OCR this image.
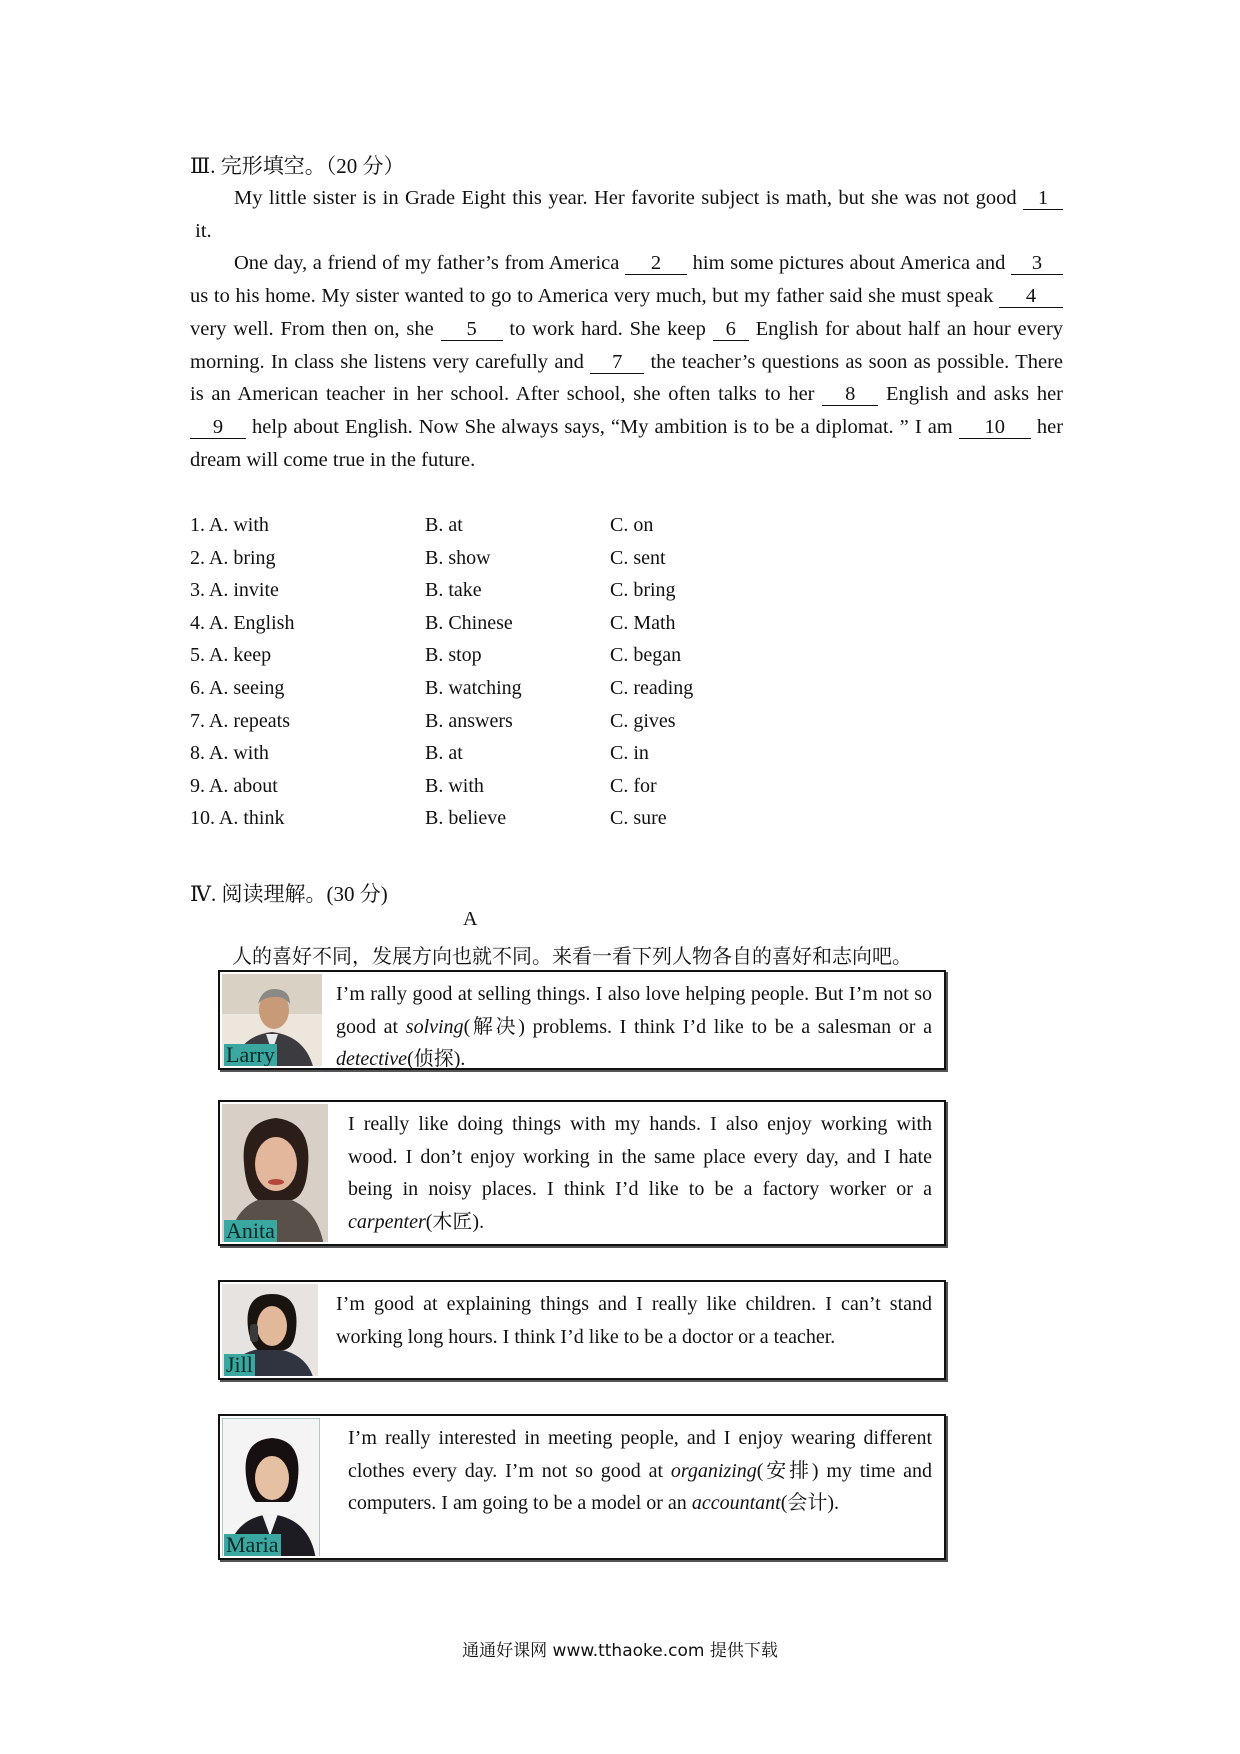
Ⅲ. 完形填空。（20 分）
My little sister is in Grade Eight this year. Her favorite subject is math, but she was not good 1  it.
One day, a friend of my father’s from America 2 him some pictures about America and 3 us to his home. My sister wanted to go to America very much, but my father said she must speak 4 very well. From then on, she 5 to work hard. She keep 6 English for about half an hour every morning. In class she listens very carefully and 7 the teacher’s questions as soon as possible. There is an American teacher in her school. After school, she often talks to her 8 English and asks her 9 help about English. Now She always says, “My ambition is to be a diplomat. ” I am 10 her dream will come true in the future.
1. A. with	B. at	C. on
2. A. bring	B. show	C. sent
3. A. invite	B. take	C. bring
4. A. English	B. Chinese	C. Math
5. A. keep	B. stop	C. began
6. A. seeing	B. watching	C. reading
7. A. repeats	B. answers	C. gives
8. A. with	B. at	C. in
9. A. about	B. with	C. for
10. A. think	B. believe	C. sure
Ⅳ. 阅读理解。(30 分)
A
人的喜好不同，发展方向也就不同。来看一看下列人物各自的喜好和志向吧。
Larry
I’m rally good at selling things. I also love helping people. But I’m not so good at solving(解决) problems. I think I’d like to be a salesman or a detective(侦探).
Anita
I really like doing things with my hands. I also enjoy working with wood. I don’t enjoy working in the same place every day, and I hate being in noisy places. I think I’d like to be a factory worker or a carpenter(木匠).
Jill
I’m good at explaining things and I really like children. I can’t stand working long hours. I think I’d like to be a doctor or a teacher.
Maria
I’m really interested in meeting people, and I enjoy wearing different clothes every day. I’m not so good at organizing(安排) my time and computers. I am going to be a model or an accountant(会计).
通通好课网 www.tthaoke.com 提供下载
